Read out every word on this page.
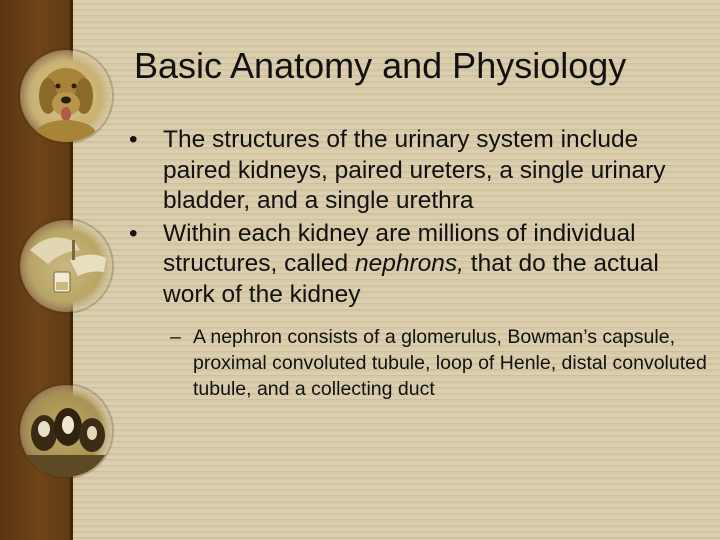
Basic Anatomy and Physiology
• The structures of the urinary system include paired kidneys, paired ureters, a single urinary bladder, and a single urethra
• Within each kidney are millions of individual structures, called nephrons, that do the actual work of the kidney
– A nephron consists of a glomerulus, Bowman’s capsule, proximal convoluted tubule, loop of Henle, distal convoluted tubule, and a collecting duct
